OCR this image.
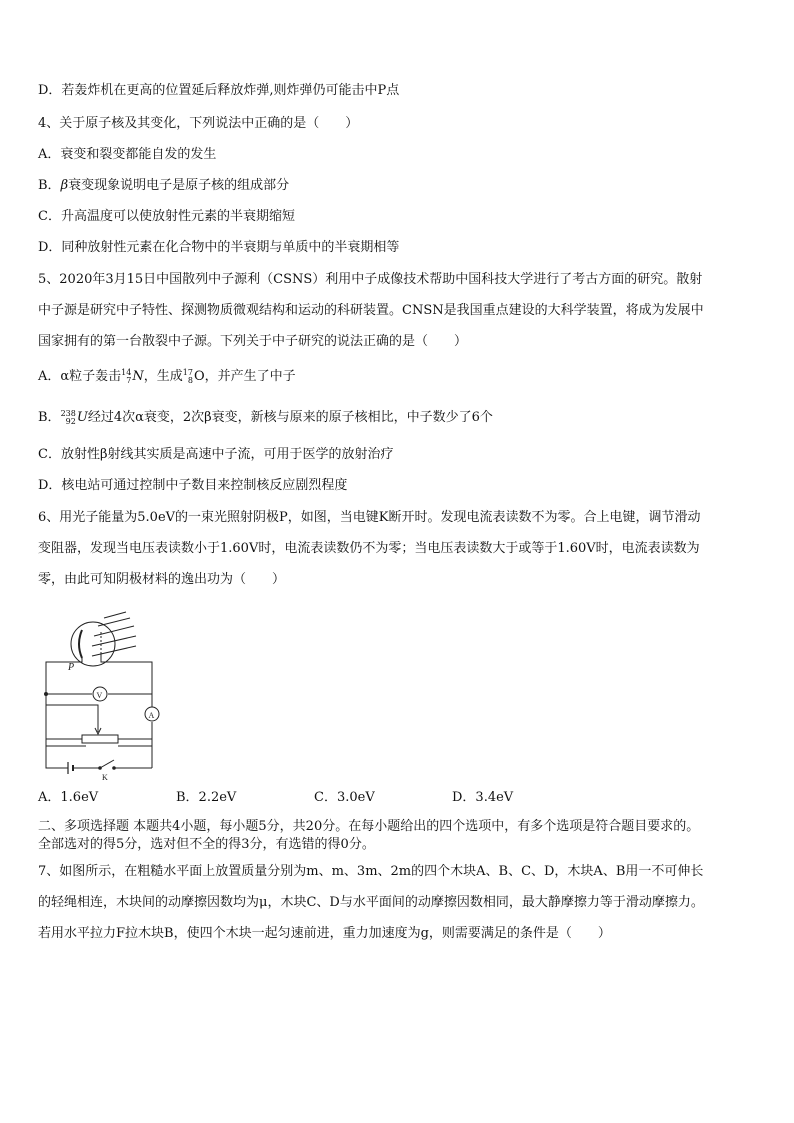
D．若轰炸机在更高的位置延后释放炸弹,则炸弹仍可能击中P点
4、关于原子核及其变化，下列说法中正确的是（　　）
A．衰变和裂变都能自发的发生
B．β衰变现象说明电子是原子核的组成部分
C．升高温度可以使放射性元素的半衰期缩短
D．同种放射性元素在化合物中的半衰期与单质中的半衰期相等
5、2020年3月15日中国散列中子源利（CSNS）利用中子成像技术帮助中国科技大学进行了考古方面的研究。散射
中子源是研究中子特性、探测物质微观结构和运动的科研装置。CNSN是我国重点建设的大科学装置，将成为发展中
国家拥有的第一台散裂中子源。下列关于中子研究的说法正确的是（　　）
A．α粒子轰击 14
7 N，生成 17
8 O，并产生了中子
B． 238
92 U经过4次α衰变，2次β衰变，新核与原来的原子核相比，中子数少了6个
C．放射性β射线其实质是高速中子流，可用于医学的放射治疗
D．核电站可通过控制中子数目来控制核反应剧烈程度
6、用光子能量为5.0eV的一束光照射阴极P，如图，当电键K断开时。发现电流表读数不为零。合上电键，调节滑动
变阻器，发现当电压表读数小于1.60V时，电流表读数仍不为零；当电压表读数大于或等于1.60V时，电流表读数为
零，由此可知阴极材料的逸出功为（　　）
P
V
A
K
A．1.6eV	B．2.2eV	C．3.0eV	D．3.4eV
二、多项选择题 本题共4小题，每小题5分，共20分。在每小题给出的四个选项中，有多个选项是符合题目要求的。
全部选对的得5分，选对但不全的得3分，有选错的得0分。
7、如图所示，在粗糙水平面上放置质量分别为m、m、3m、2m的四个木块A、B、C、D，木块A、B用一不可伸长
的轻绳相连，木块间的动摩擦因数均为μ，木块C、D与水平面间的动摩擦因数相同，最大静摩擦力等于滑动摩擦力。
若用水平拉力F拉木块B，使四个木块一起匀速前进，重力加速度为g，则需要满足的条件是（　　）
